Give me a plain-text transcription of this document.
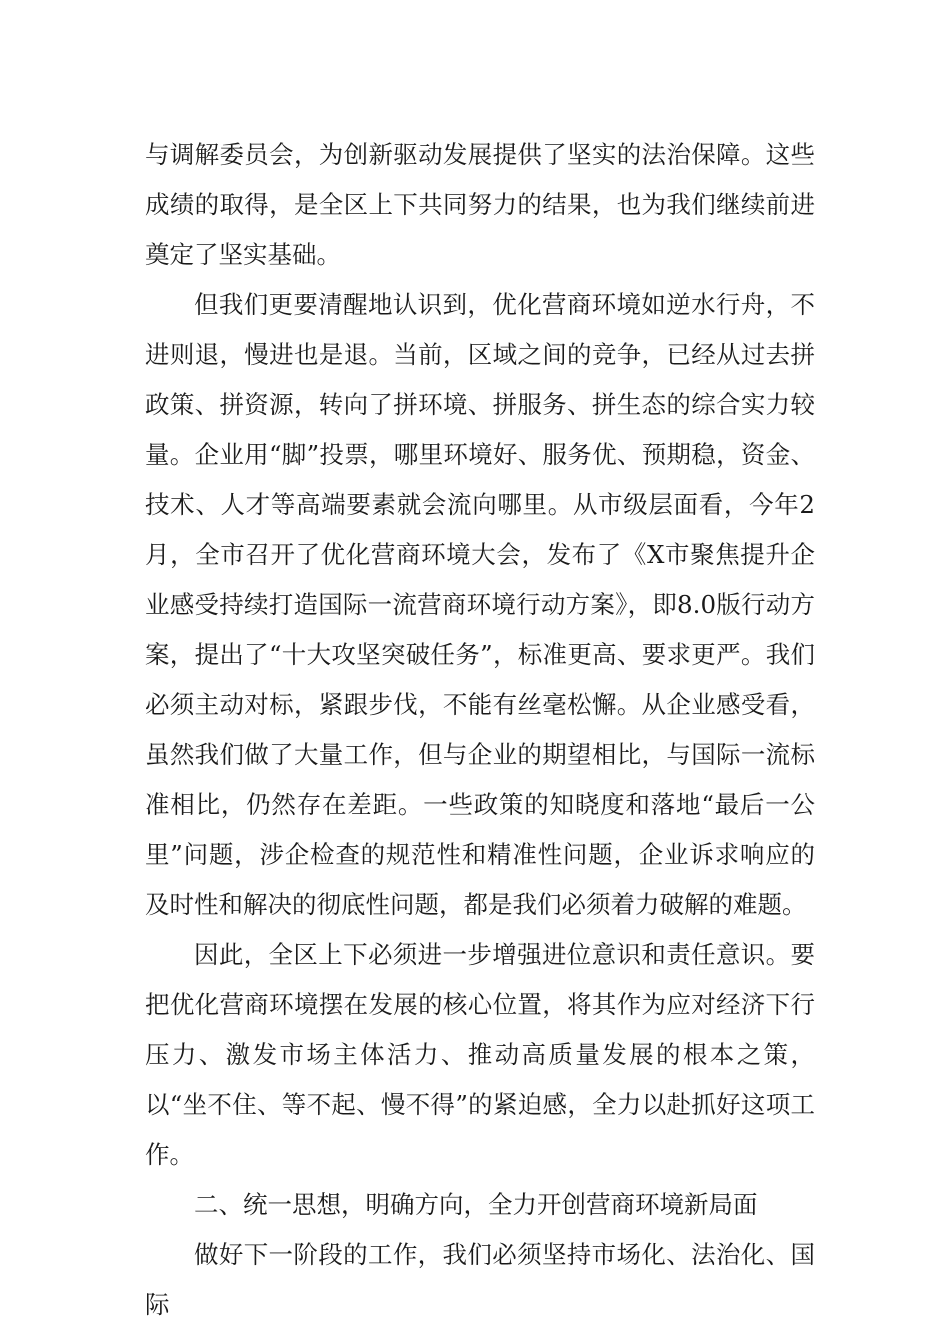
与调解委员会，为创新驱动发展提供了坚实的法治保障。这些成绩的取得，是全区上下共同努力的结果，也为我们继续前进奠定了坚实基础。

但我们更要清醒地认识到，优化营商环境如逆水行舟，不进则退，慢进也是退。当前，区域之间的竞争，已经从过去拼政策、拼资源，转向了拼环境、拼服务、拼生态的综合实力较量。企业用“脚”投票，哪里环境好、服务优、预期稳，资金、技术、人才等高端要素就会流向哪里。从市级层面看，今年2月，全市召开了优化营商环境大会，发布了《X市聚焦提升企业感受持续打造国际一流营商环境行动方案》，即8.0版行动方案，提出了“十大攻坚突破任务”，标准更高、要求更严。我们必须主动对标，紧跟步伐，不能有丝毫松懈。从企业感受看，虽然我们做了大量工作，但与企业的期望相比，与国际一流标准相比，仍然存在差距。一些政策的知晓度和落地“最后一公里”问题，涉企检查的规范性和精准性问题，企业诉求响应的及时性和解决的彻底性问题，都是我们必须着力破解的难题。

因此，全区上下必须进一步增强进位意识和责任意识。要把优化营商环境摆在发展的核心位置，将其作为应对经济下行压力、激发市场主体活力、推动高质量发展的根本之策，以“坐不住、等不起、慢不得”的紧迫感，全力以赴抓好这项工作。

二、统一思想，明确方向，全力开创营商环境新局面

做好下一阶段的工作，我们必须坚持市场化、法治化、国际
